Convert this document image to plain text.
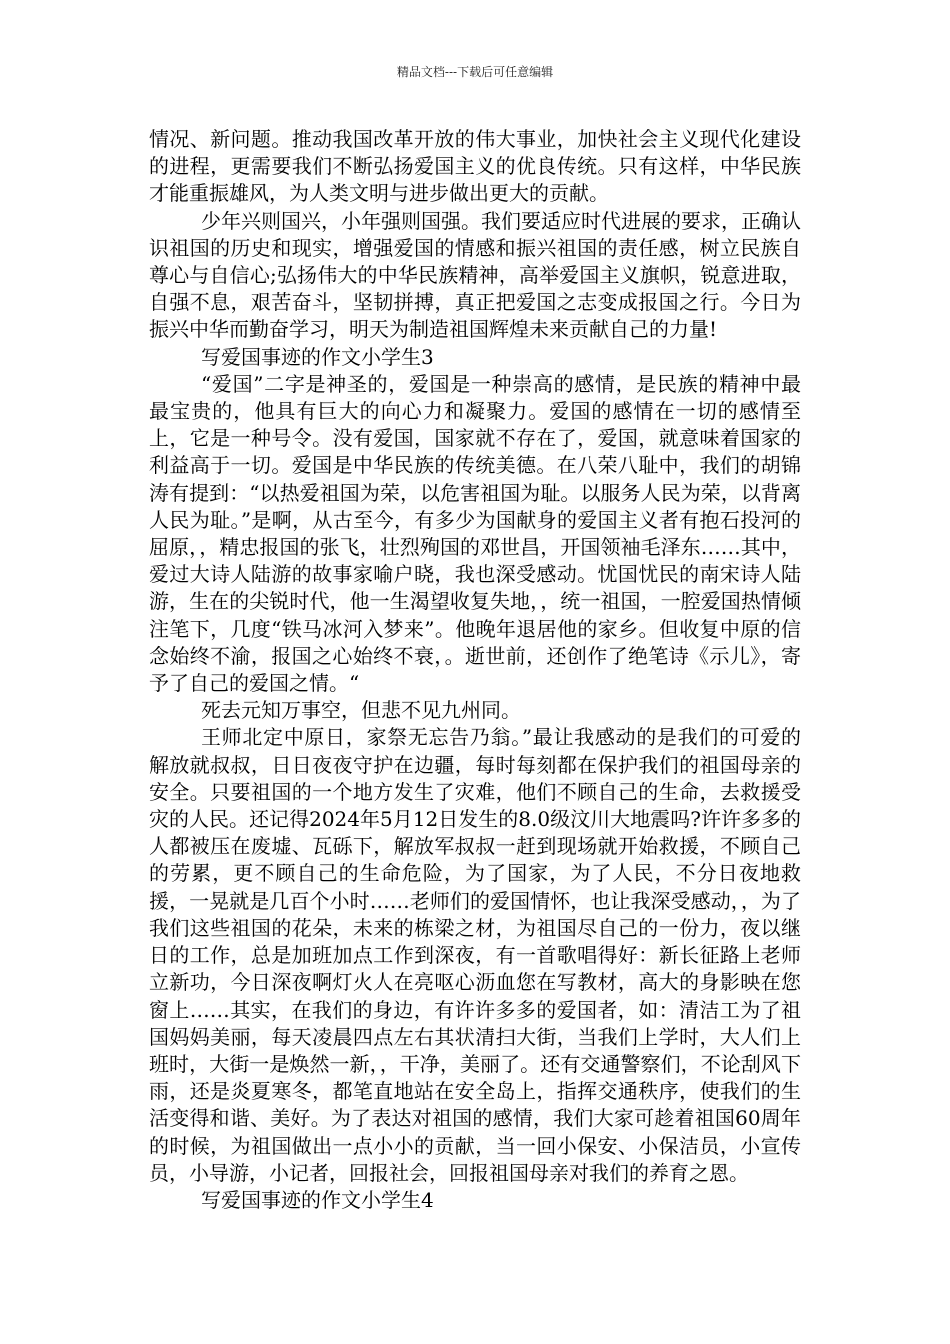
精品文档---下载后可任意编辑

情况、新问题。推动我国改革开放的伟大事业，加快社会主义现代化建设的进程，更需要我们不断弘扬爱国主义的优良传统。只有这样，中华民族才能重振雄风，为人类文明与进步做出更大的贡献。

少年兴则国兴，小年强则国强。我们要适应时代进展的要求，正确认识祖国的历史和现实，增强爱国的情感和振兴祖国的责任感，树立民族自尊心与自信心;弘扬伟大的中华民族精神，高举爱国主义旗帜，锐意进取，自强不息，艰苦奋斗，坚韧拼搏，真正把爱国之志变成报国之行。今日为振兴中华而勤奋学习，明天为制造祖国辉煌未来贡献自己的力量!

写爱国事迹的作文小学生3

“爱国”二字是神圣的，爱国是一种崇高的感情，是民族的精神中最最宝贵的，他具有巨大的向心力和凝聚力。爱国的感情在一切的感情至上，它是一种号令。没有爱国，国家就不存在了，爱国，就意味着国家的利益高于一切。爱国是中华民族的传统美德。在八荣八耻中，我们的胡锦涛有提到：“以热爱祖国为荣，以危害祖国为耻。以服务人民为荣，以背离人民为耻。”是啊，从古至今，有多少为国献身的爱国主义者有抱石投河的屈原，，精忠报国的张飞，壮烈殉国的邓世昌，开国领袖毛泽东……其中，爱过大诗人陆游的故事家喻户晓，我也深受感动。忧国忧民的南宋诗人陆游，生在的尖锐时代，他一生渴望收复失地，，统一祖国，一腔爱国热情倾注笔下，几度“铁马冰河入梦来”。他晚年退居他的家乡。但收复中原的信念始终不渝，报国之心始终不衰，。逝世前，还创作了绝笔诗《示儿》，寄予了自己的爱国之情。“

死去元知万事空，但悲不见九州同。

王师北定中原日，家祭无忘告乃翁。”最让我感动的是我们的可爱的解放就叔叔，日日夜夜守护在边疆，每时每刻都在保护我们的祖国母亲的安全。只要祖国的一个地方发生了灾难，他们不顾自己的生命，去救援受灾的人民。还记得2024年5月12日发生的8.0级汶川大地震吗?许许多多的人都被压在废墟、瓦砾下，解放军叔叔一赶到现场就开始救援，不顾自己的劳累，更不顾自己的生命危险，为了国家，为了人民，不分日夜地救援，一晃就是几百个小时……老师们的爱国情怀，也让我深受感动，，为了我们这些祖国的花朵，未来的栋梁之材，为祖国尽自己的一份力，夜以继日的工作，总是加班加点工作到深夜，有一首歌唱得好：新长征路上老师立新功，今日深夜啊灯火人在亮呕心沥血您在写教材，高大的身影映在您窗上……其实，在我们的身边，有许许多多的爱国者，如：清洁工为了祖国妈妈美丽，每天凌晨四点左右其状清扫大街，当我们上学时，大人们上班时，大街一是焕然一新，，干净，美丽了。还有交通警察们，不论刮风下雨，还是炎夏寒冬，都笔直地站在安全岛上，指挥交通秩序，使我们的生活变得和谐、美好。为了表达对祖国的感情，我们大家可趁着祖国60周年的时候，为祖国做出一点小小的贡献，当一回小保安、小保洁员，小宣传员，小导游，小记者，回报社会，回报祖国母亲对我们的养育之恩。

写爱国事迹的作文小学生4
